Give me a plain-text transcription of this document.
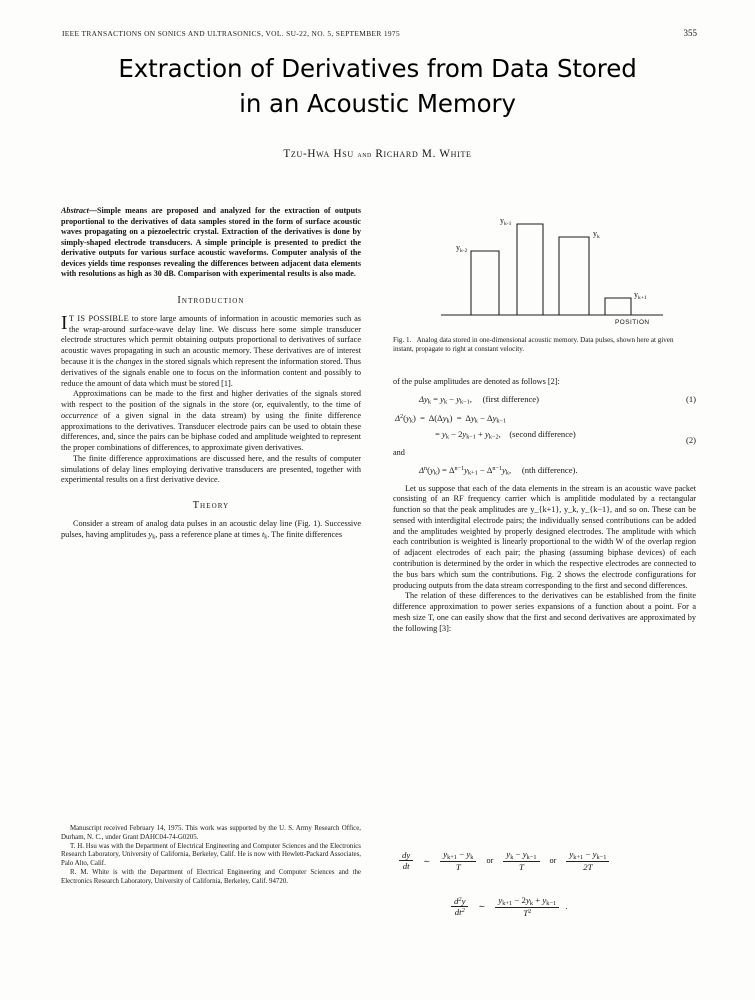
IEEE TRANSACTIONS ON SONICS AND ULTRASONICS, VOL. SU-22, NO. 5, SEPTEMBER 1975	355
Extraction of Derivatives from Data Stored
in an Acoustic Memory
Tzu-Hwa Hsu and Richard M. White

Abstract—Simple means are proposed and analyzed for the extraction of outputs proportional to the derivatives of data samples stored in the form of surface acoustic waves propagating on a piezoelectric crystal. Extraction of the derivatives is done by simply-shaped electrode transducers. A simple principle is presented to predict the derivative outputs for various surface acoustic waveforms. Computer analysis of the devices yields time responses revealing the differences between adjacent data elements with resolutions as high as 30 dB. Comparison with experimental results is also made.

Introduction

I T IS POSSIBLE to store large amounts of information in acoustic memories such as the wrap-around surface-wave delay line. We discuss here some simple transducer electrode structures which permit obtaining outputs proportional to derivatives of surface acoustic waves propagating in such an acoustic memory. These derivatives are of interest because it is the changes in the stored signals which represent the information stored. Thus derivatives of the signals enable one to focus on the information content and possibly to reduce the amount of data which must be stored [1].

Approximations can be made to the first and higher derivaties of the signals stored with respect to the position of the signals in the store (or, equivalently, to the time of occurrence of a given signal in the data stream) by using the finite difference approximations to the derivatives. Transducer electrode pairs can be used to obtain these differences, and, since the pairs can be biphase coded and amplitude weighted to represent the proper combinations of differences, to approximate given derivatives.

The finite difference approximations are discussed here, and the results of computer simulations of delay lines employing derivative transducers are presented, together with experimental results on a first derivative device.

Theory

Consider a stream of analog data pulses in an acoustic delay line (Fig. 1). Successive pulses, having amplitudes $y_k$, pass a reference plane at times $t_k$. The finite differences

$y_{k-2}$
$y_{k-1}$
$y_k$
$y_{k+1}$
POSITION
Fig. 1. Analog data stored in one-dimensional acoustic memory. Data pulses, shown here at given instant, propagate to right at constant velocity.

of the pulse amplitudes are denoted as follows [2]:

$\Delta y_k = y_k - y_{k-1}$,     (first difference)	(1)
$\Delta^2(y_k) = \Delta(\Delta y_k) = \Delta y_k - \Delta y_{k-1}$
= $y_k - 2y_{k-1} + y_{k-2}$,    (second difference)
(2)

and

$\Delta^n(y_k) = \Delta^{n-1}y_{k+1} - \Delta^{n-1}y_k$,     (nth difference).

Let us suppose that each of the data elements in the stream is an acoustic wave packet consisting of an RF frequency carrier which is amplitide modulated by a rectangular function so that the peak amplitudes are y_{k+1}, y_k, y_{k−1}, and so on. These can be sensed with interdigital electrode pairs; the individually sensed contributions can be added and the amplitudes weighted by properly designed electrodes. The amplitude with which each contribution is weighted is linearly proportional to the width W of the overlap region of adjacent electrodes of each pair; the phasing (assuming biphase devices) of each contribution is determined by the order in which the respective electrodes are connected to the bus bars which sum the contributions. Fig. 2 shows the electrode configurations for producing outputs from the data stream corresponding to the first and second differences.

The relation of these differences to the derivatives can be established from the finite difference approximation to power series expansions of a function about a point. For a mesh size T, one can easily show that the first and second derivatives are approximated by the following [3]:

$\frac{dy}{dt}$ ∼ $\frac{y_{k+1} - y_k}{T}$ or $\frac{y_k - y_{k-1}}{T}$ or $\frac{y_{k+1} - y_{k-1}}{2T}$
$\frac{d^2y}{dt^2}$ ∼ $\frac{y_{k+1} - 2y_k + y_{k-1}}{T^2}$ .

Manuscript received February 14, 1975. This work was supported by the U. S. Army Research Office, Durham, N. C., under Grant DAHC04-74-G0205.

T. H. Hsu was with the Department of Electrical Engineering and Computer Sciences and the Electronics Research Laboratory, University of California, Berkeley, Calif. He is now with Hewlett-Packard Associates, Palo Alto, Calif.

R. M. White is with the Department of Electrical Engineering and Computer Sciences and the Electronics Research Laboratory, University of California, Berkeley, Calif. 94720.
